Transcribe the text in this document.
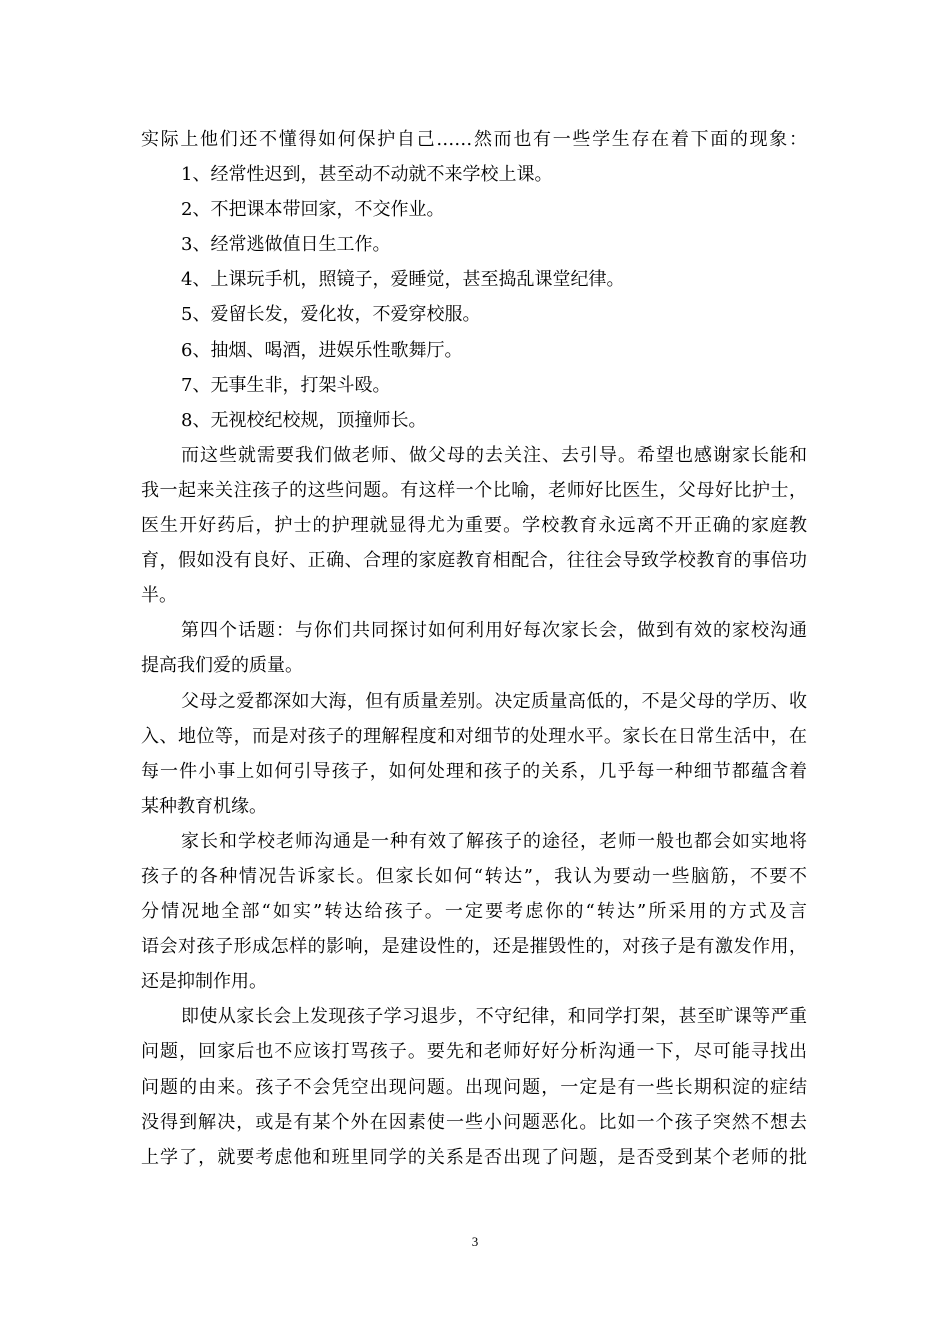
实际上他们还不懂得如何保护自己……然而也有一些学生存在着下面的现象：
1、经常性迟到，甚至动不动就不来学校上课。
2、不把课本带回家，不交作业。
3、经常逃做值日生工作。
4、上课玩手机，照镜子，爱睡觉，甚至捣乱课堂纪律。
5、爱留长发，爱化妆，不爱穿校服。
6、抽烟、喝酒，进娱乐性歌舞厅。
7、无事生非，打架斗殴。
8、无视校纪校规，顶撞师长。
而这些就需要我们做老师、做父母的去关注、去引导。希望也感谢家长能和
我一起来关注孩子的这些问题。有这样一个比喻，老师好比医生，父母好比护士，
医生开好药后，护士的护理就显得尤为重要。学校教育永远离不开正确的家庭教
育，假如没有良好、正确、合理的家庭教育相配合，往往会导致学校教育的事倍功
半。
第四个话题：与你们共同探讨如何利用好每次家长会，做到有效的家校沟通
提高我们爱的质量。
父母之爱都深如大海，但有质量差别。决定质量高低的，不是父母的学历、收
入、地位等，而是对孩子的理解程度和对细节的处理水平。家长在日常生活中，在
每一件小事上如何引导孩子，如何处理和孩子的关系，几乎每一种细节都蕴含着
某种教育机缘。
家长和学校老师沟通是一种有效了解孩子的途径，老师一般也都会如实地将
孩子的各种情况告诉家长。但家长如何“转达”，我认为要动一些脑筋，不要不
分情况地全部“如实”转达给孩子。一定要考虑你的“转达”所采用的方式及言
语会对孩子形成怎样的影响，是建设性的，还是摧毁性的，对孩子是有激发作用，
还是抑制作用。
即使从家长会上发现孩子学习退步，不守纪律，和同学打架，甚至旷课等严重
问题，回家后也不应该打骂孩子。要先和老师好好分析沟通一下，尽可能寻找出
问题的由来。孩子不会凭空出现问题。出现问题，一定是有一些长期积淀的症结
没得到解决，或是有某个外在因素使一些小问题恶化。比如一个孩子突然不想去
上学了，就要考虑他和班里同学的关系是否出现了问题，是否受到某个老师的批
3
